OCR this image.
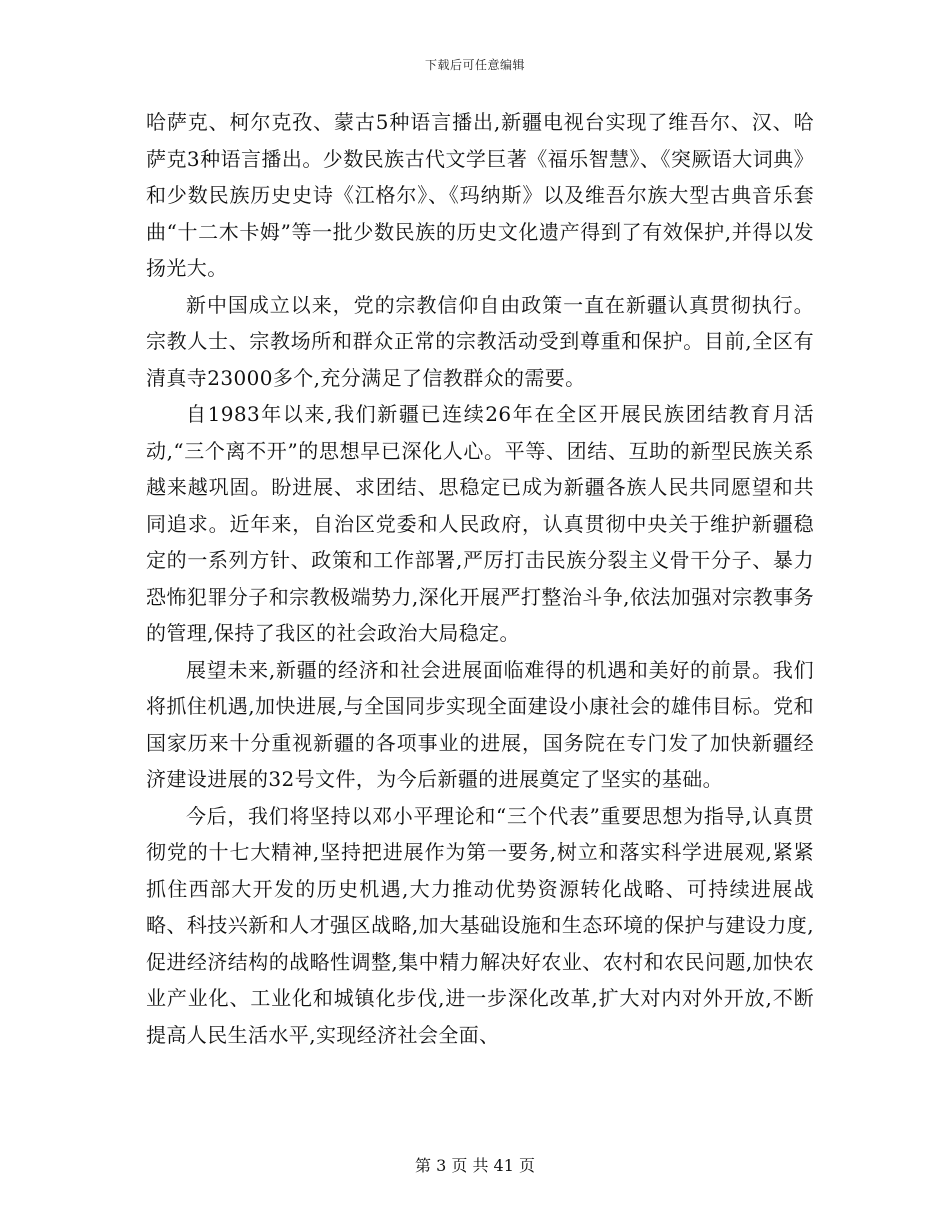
下载后可任意编辑

哈萨克、柯尔克孜、蒙古5种语言播出,新疆电视台实现了维吾尔、汉、哈萨克3种语言播出。少数民族古代文学巨著《福乐智慧》、《突厥语大词典》和少数民族历史史诗《江格尔》、《玛纳斯》以及维吾尔族大型古典音乐套曲“十二木卡姆”等一批少数民族的历史文化遗产得到了有效保护,并得以发扬光大。

新中国成立以来，党的宗教信仰自由政策一直在新疆认真贯彻执行。宗教人士、宗教场所和群众正常的宗教活动受到尊重和保护。目前,全区有清真寺23000多个,充分满足了信教群众的需要。

自1983年以来,我们新疆已连续26年在全区开展民族团结教育月活动,“三个离不开”的思想早已深化人心。平等、团结、互助的新型民族关系越来越巩固。盼进展、求团结、思稳定已成为新疆各族人民共同愿望和共同追求。近年来，自治区党委和人民政府，认真贯彻中央关于维护新疆稳定的一系列方针、政策和工作部署,严厉打击民族分裂主义骨干分子、暴力恐怖犯罪分子和宗教极端势力,深化开展严打整治斗争,依法加强对宗教事务的管理,保持了我区的社会政治大局稳定。

展望未来,新疆的经济和社会进展面临难得的机遇和美好的前景。我们将抓住机遇,加快进展,与全国同步实现全面建设小康社会的雄伟目标。党和国家历来十分重视新疆的各项事业的进展，国务院在专门发了加快新疆经济建设进展的32号文件，为今后新疆的进展奠定了坚实的基础。

今后，我们将坚持以邓小平理论和“三个代表”重要思想为指导,认真贯彻党的十七大精神,坚持把进展作为第一要务,树立和落实科学进展观,紧紧抓住西部大开发的历史机遇,大力推动优势资源转化战略、可持续进展战略、科技兴新和人才强区战略,加大基础设施和生态环境的保护与建设力度,促进经济结构的战略性调整,集中精力解决好农业、农村和农民问题,加快农业产业化、工业化和城镇化步伐,进一步深化改革,扩大对内对外开放,不断提高人民生活水平,实现经济社会全面、

第 3 页 共 41 页
